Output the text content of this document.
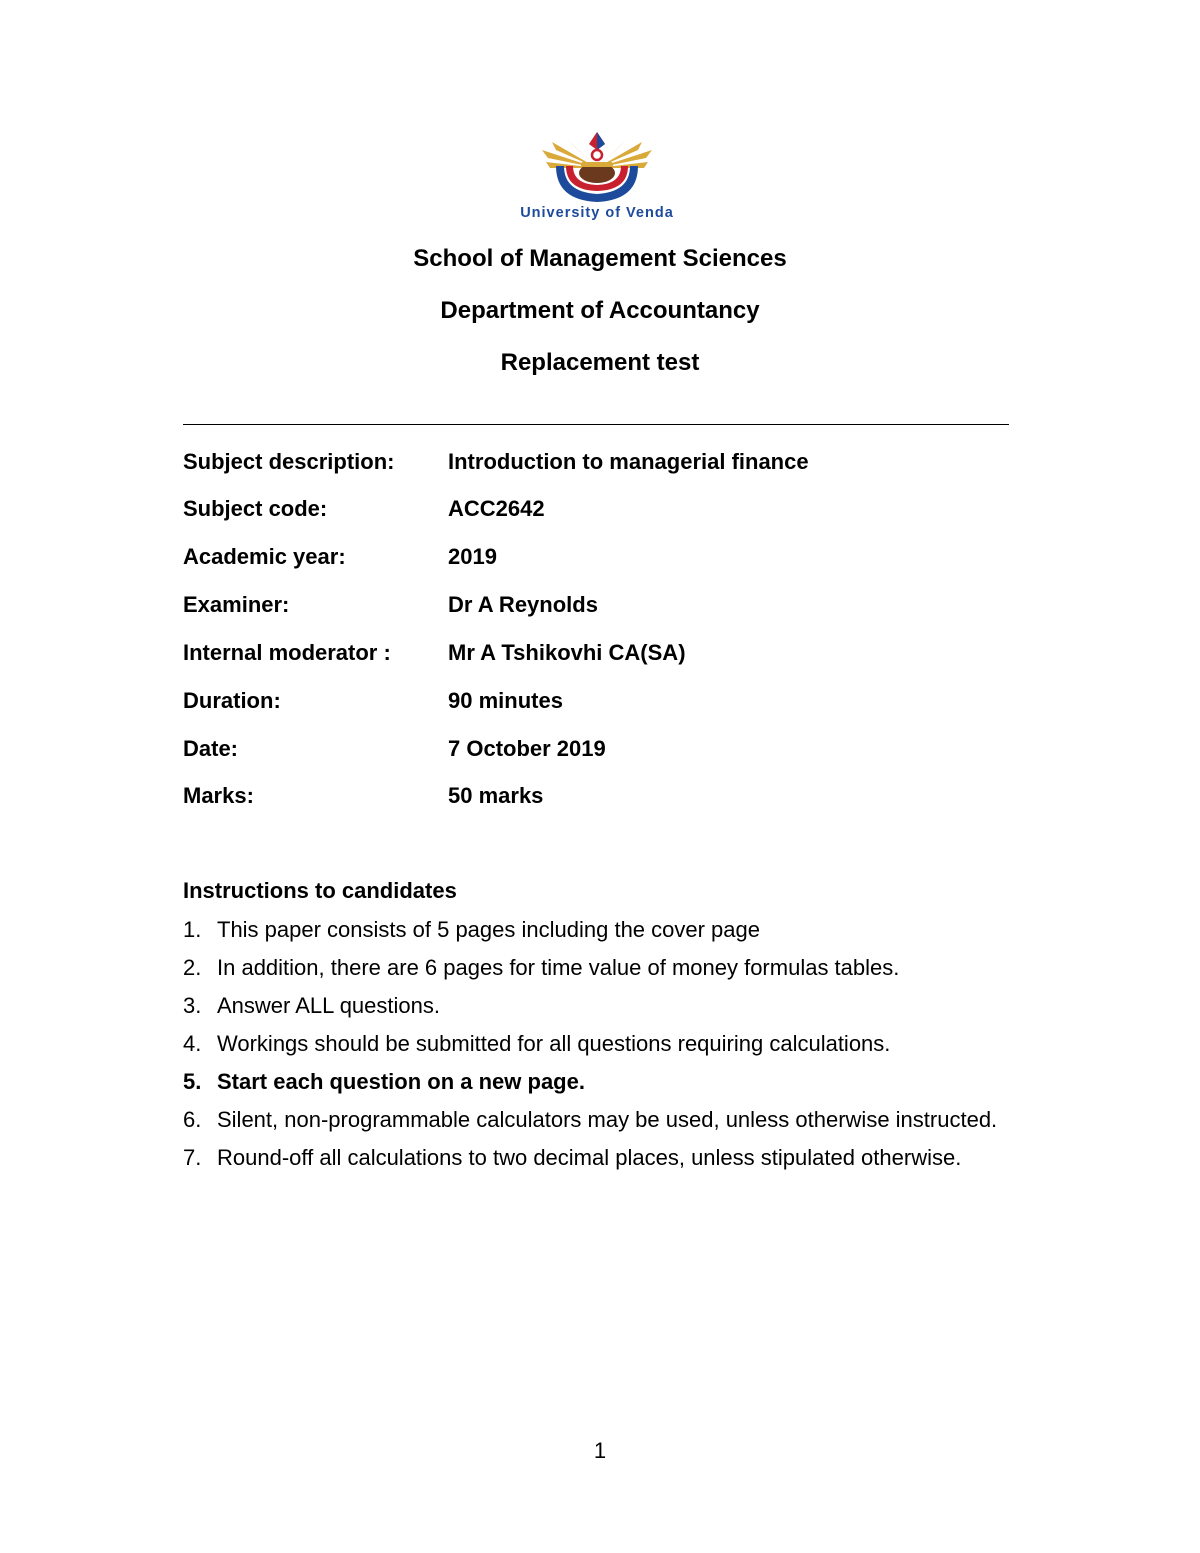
University of Venda
School of Management Sciences
Department of Accountancy
Replacement test
Subject description: Introduction to managerial finance
Subject code:	ACC2642
Academic year:	2019
Examiner:	Dr A Reynolds
Internal moderator :	Mr A Tshikovhi CA(SA)
Duration:	90 minutes
Date:	7 October 2019
Marks:	50 marks
Instructions to candidates
1. This paper consists of 5 pages including the cover page
2. In addition, there are 6 pages for time value of money formulas tables.
3. Answer ALL questions.
4. Workings should be submitted for all questions requiring calculations.
5. Start each question on a new page.
6. Silent, non-programmable calculators may be used, unless otherwise instructed.
7. Round-off all calculations to two decimal places, unless stipulated otherwise.
1
